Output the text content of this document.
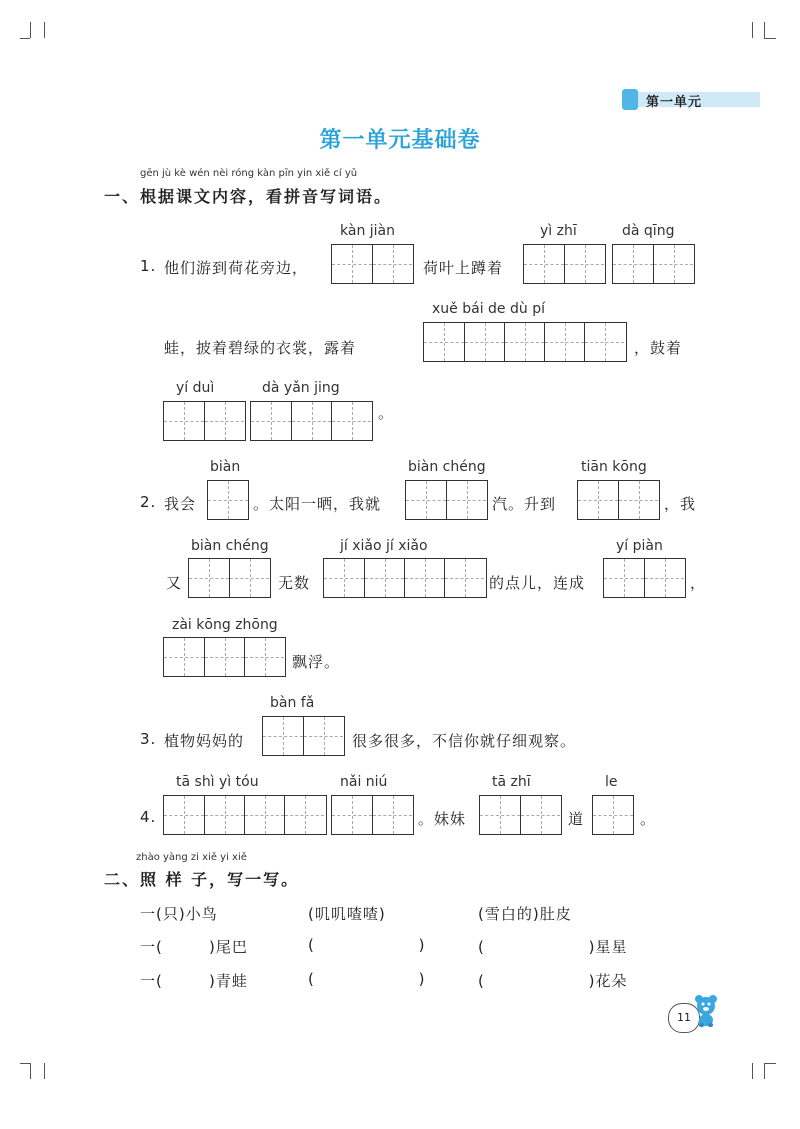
第一单元
第一单元基础卷
gēn jù kè wén nèi róng kàn pīn yin xiě cí yǔ
一、根据课文内容，看拼音写词语。
1. 他们游到荷花旁边，
kàn jiàn
荷叶上蹲着
yì zhī	dà qīng
蛙，披着碧绿的衣裳，露着
xuě bái de dù pí
，鼓着
yí duì	dà yǎn jing
。
2. 我会
biàn
。太阳一晒，我就
biàn chéng
汽。升到
tiān kōng
，我
又
biàn chéng
无数
jí xiǎo jí xiǎo
的点儿，连成
yí piàn
，
zài kōng zhōng
飘浮。
3. 植物妈妈的
bàn fǎ
很多很多，不信你就仔细观察。
4.
tā shì yì tóu	nǎi niú
。妹妹
tā zhī
道
le
。
zhào yàng zi xiě yi xiě
二、照 样 子，写一写。
一(只)小鸟	(叽叽喳喳)	(雪白的)肚皮
一(        )尾巴	(                  )	(                  )星星
一(        )青蛙	(                  )	(                  )花朵
11
